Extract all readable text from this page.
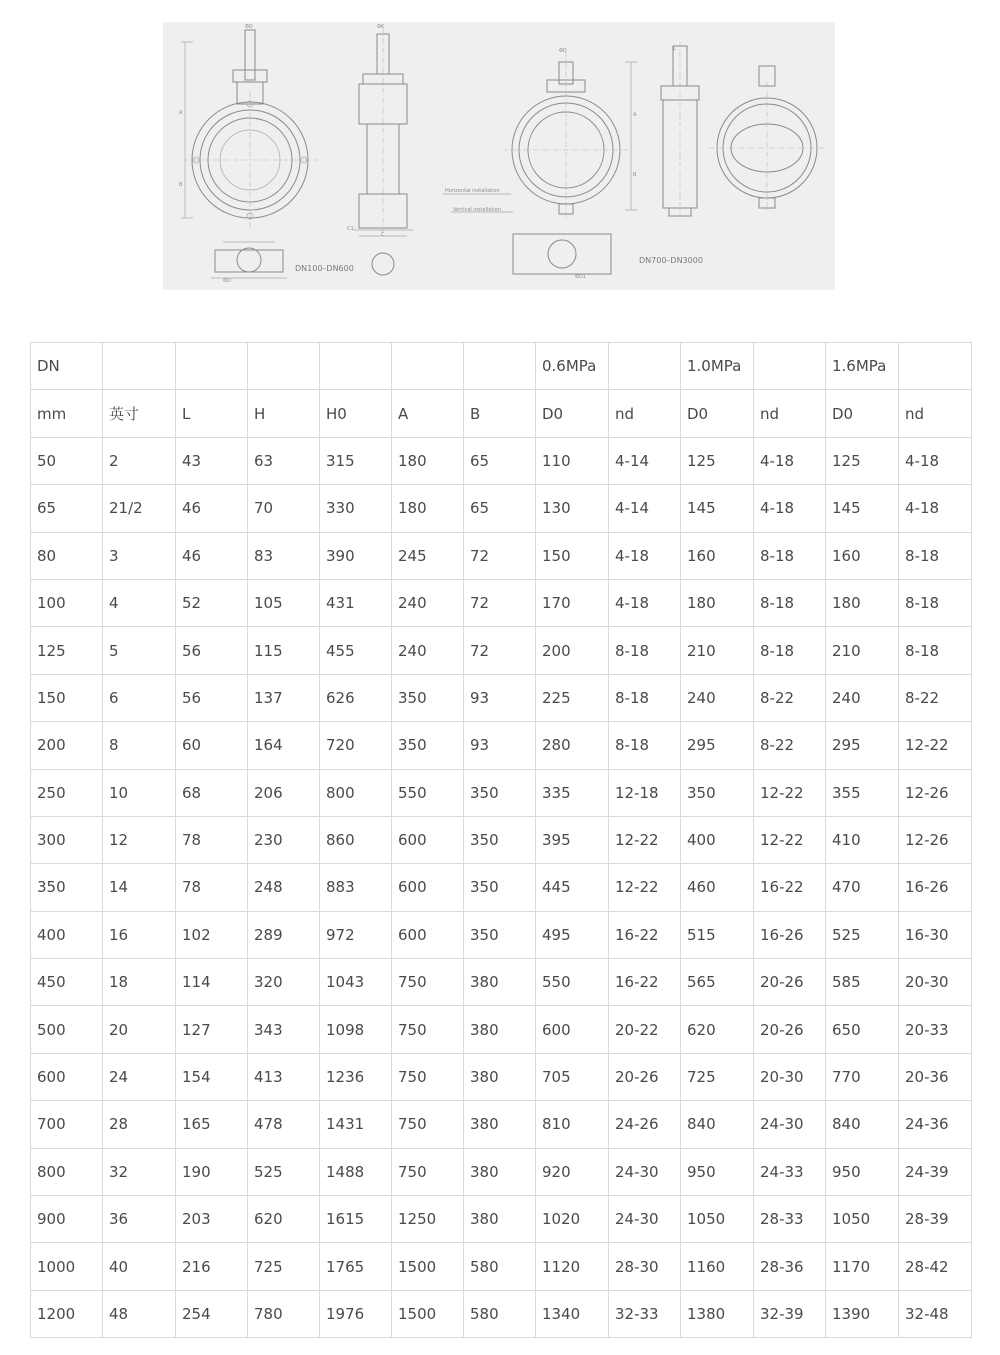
DN100–DN600
DN700–DN3000
Horizontal installation
Vertical installation
A
B
C
C1
ΦD	ΦK
A
B
ΦD	L
ΦD1
ΦD
DN							0.6MPa		1.0MPa		1.6MPa	
mm	英寸	L	H	H0	A	B	D0	nd	D0	nd	D0	nd
50	2	43	63	315	180	65	110	4-14	125	4-18	125	4-18
65	21/2	46	70	330	180	65	130	4-14	145	4-18	145	4-18
80	3	46	83	390	245	72	150	4-18	160	8-18	160	8-18
100	4	52	105	431	240	72	170	4-18	180	8-18	180	8-18
125	5	56	115	455	240	72	200	8-18	210	8-18	210	8-18
150	6	56	137	626	350	93	225	8-18	240	8-22	240	8-22
200	8	60	164	720	350	93	280	8-18	295	8-22	295	12-22
250	10	68	206	800	550	350	335	12-18	350	12-22	355	12-26
300	12	78	230	860	600	350	395	12-22	400	12-22	410	12-26
350	14	78	248	883	600	350	445	12-22	460	16-22	470	16-26
400	16	102	289	972	600	350	495	16-22	515	16-26	525	16-30
450	18	114	320	1043	750	380	550	16-22	565	20-26	585	20-30
500	20	127	343	1098	750	380	600	20-22	620	20-26	650	20-33
600	24	154	413	1236	750	380	705	20-26	725	20-30	770	20-36
700	28	165	478	1431	750	380	810	24-26	840	24-30	840	24-36
800	32	190	525	1488	750	380	920	24-30	950	24-33	950	24-39
900	36	203	620	1615	1250	380	1020	24-30	1050	28-33	1050	28-39
1000	40	216	725	1765	1500	580	1120	28-30	1160	28-36	1170	28-42
1200	48	254	780	1976	1500	580	1340	32-33	1380	32-39	1390	32-48
